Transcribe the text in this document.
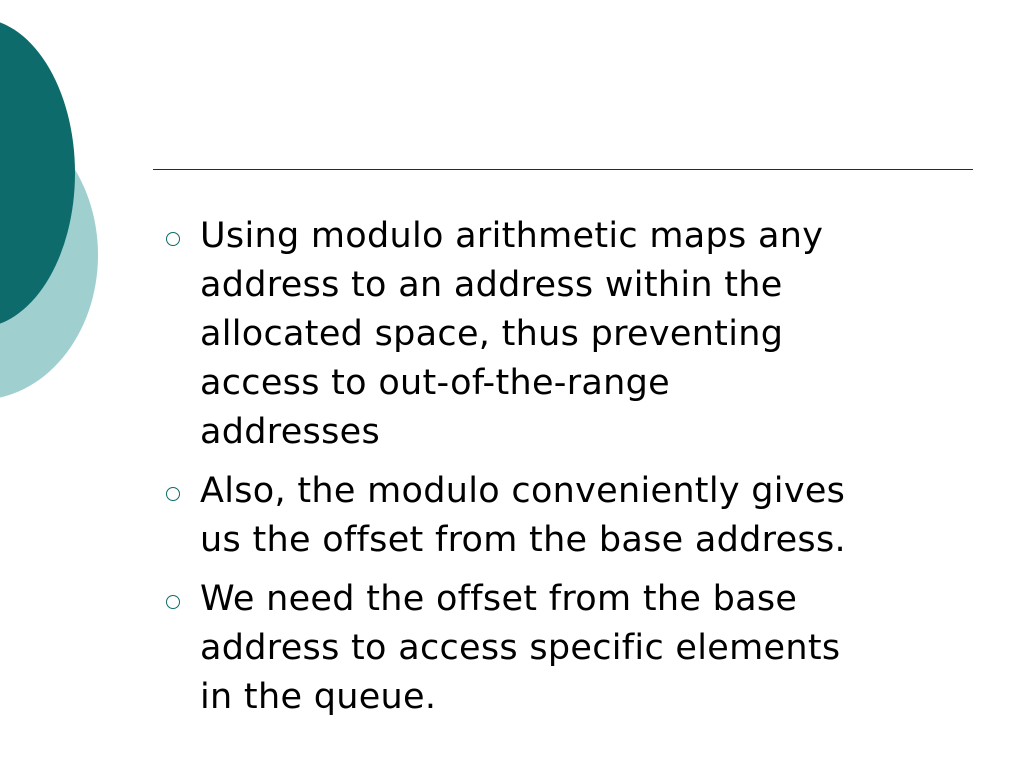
Using modulo arithmetic maps any
address to an address within the
allocated space, thus preventing
access to out-of-the-range
addresses
Also, the modulo conveniently gives
us the offset from the base address.
We need the offset from the base
address to access specific elements
in the queue.
